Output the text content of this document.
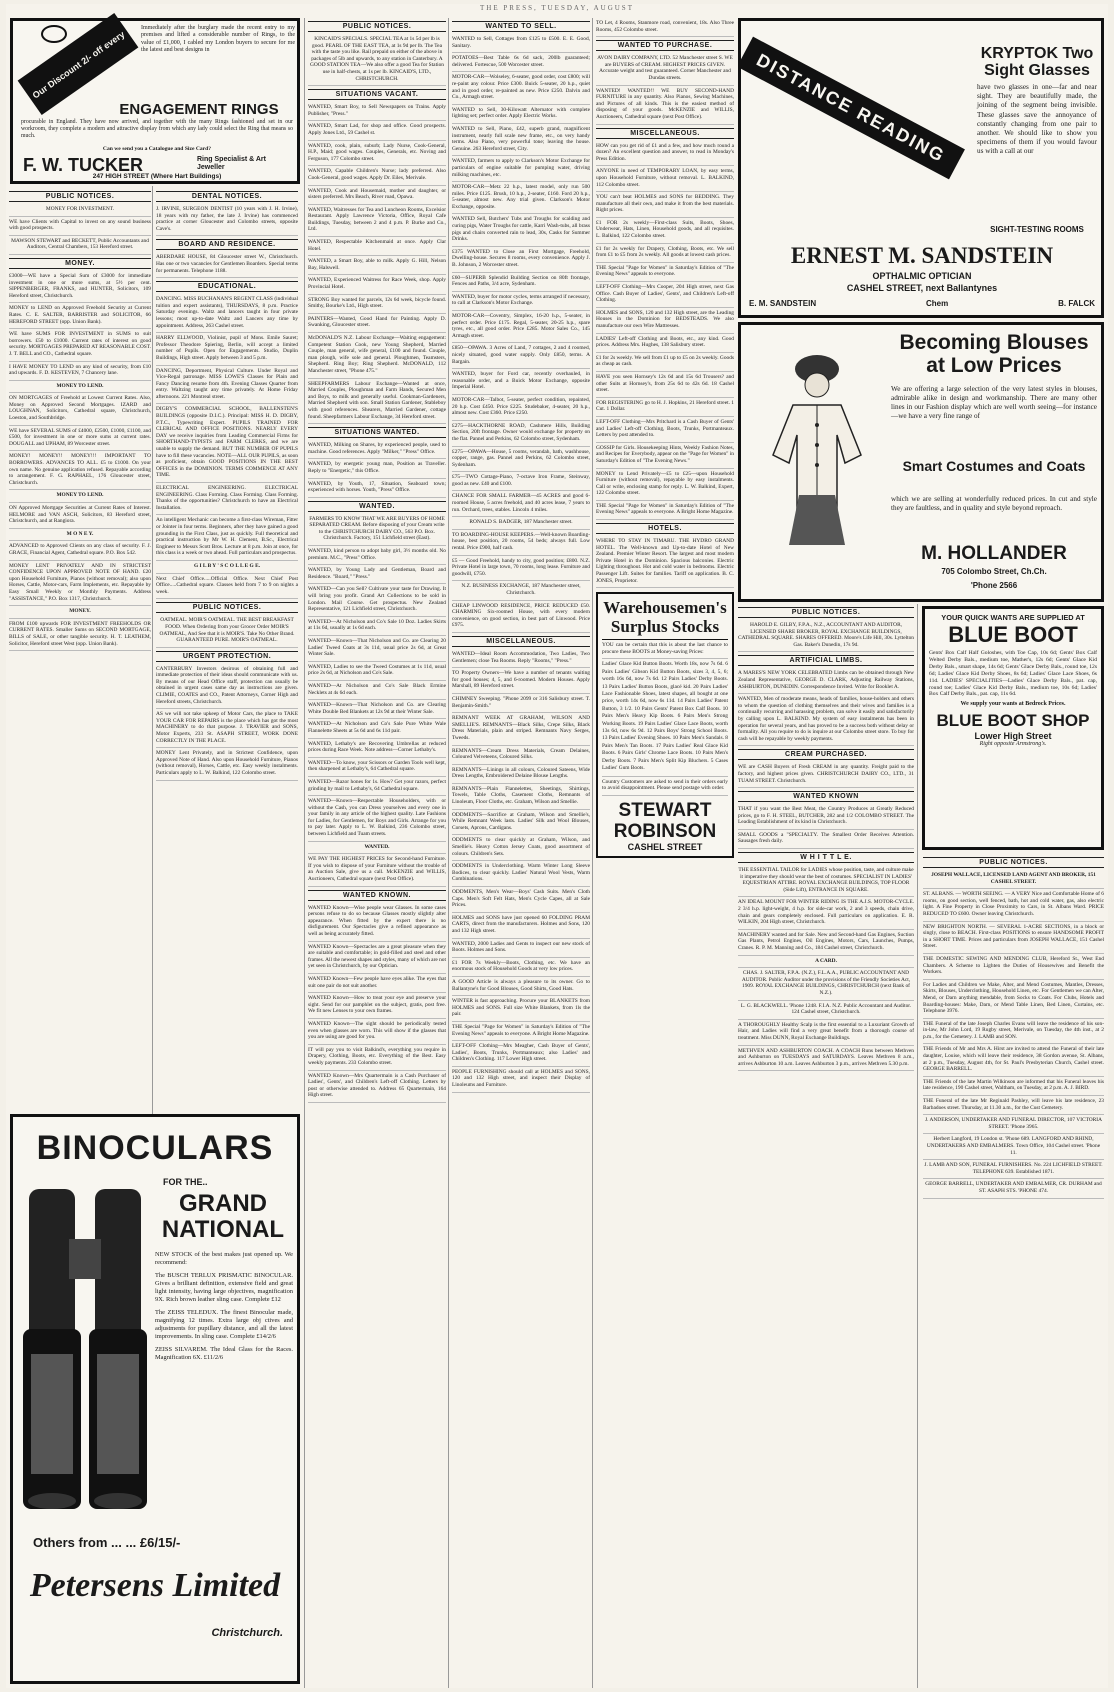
THE PRESS, TUESDAY, AUGUST
Our Discount 2/- off every £1
Immediately after the burglary made the recent entry to my premises and lifted a considerable number of Rings, to the value of £1,000, I cabled my London buyers to secure for me the latest and best designs in
ENGAGEMENT RINGS
procurable in England. They have now arrived, and together with the many Rings fashioned and set in our workroom, they complete a modern and attractive display from which any lady could select the Ring that means so much.
Can we send you a Catalogue and Size Card?
F. W. TUCKER	Ring Specialist & Art Jeweller
247 HIGH STREET (Where Hart Buildings)
PUBLIC NOTICES.

MONEY FOR INVESTMENT.

WE have Clients with Capital to invest on any sound business with good prospects.

MAWSON STEWART and BECKETT, Public Accountants and Auditors, Central Chambers, 153 Hereford street.

MONEY.

£3000—WE have a Special Sum of £3000 for immediate investment in one or more sums, at 5½ per cent. SIPPENBERGER, FRANKS, and HUNTER, Solicitors, 109 Hereford street, Christchurch.

MONEY to LEND on Approved Freehold Security at Current Rates. C. E. SALTER, BARRISTER and SOLICITOR, 66 HEREFORD STREET (opp. Union Bank).

WE have SUMS FOR INVESTMENT in SUMS to suit borrowers. £50 to £1000. Current rates of interest on good security. MORTGAGES PREPARED AT REASONABLE COST. J. T. BELL and CO., Cathedral square.

I HAVE MONEY TO LEND on any kind of security, from £10 and upwards. F. D. KESTEVEN, 7 Chancery lane.

MONEY TO LEND.

ON MORTGAGES of Freehold at Lowest Current Rates. Also, Money on Approved Second Mortgages. IZARD and LOUGHNAN, Solicitors, Cathedral square, Christchurch, Loeston, and Southbridge.

WE have SEVERAL SUMS of £4000, £2500, £1000, £1100, and £500, for investment in one or more sums at current rates. DOUGALL and UPHAM, 89 Worcester street.

MONEY! MONEY!! MONEY!!! IMPORTANT TO BORROWERS. ADVANCES TO ALL. £5 to £1000. On your own name. No genuine application refused. Repayable according to arrangement. F. G. RAPHAEL, 176 Gloucester street, Christchurch.

MONEY TO LEND.

ON Approved Mortgage Securities at Current Rates of Interest. HELMORE and VAN ASCH, Solicitors, 83 Hereford street, Christchurch, and at Rangiora.

M O N E Y.

ADVANCED to Approved Clients on any class of security. F. J. GRACE, Financial Agent, Cathedral square. P.O. Box 542.

MONEY LENT PRIVATELY AND IN STRICTEST CONFIDENCE UPON APPROVED NOTE OF HAND. £20 upon Household Furniture, Pianos (without removal); also upon Horses, Cattle, Motor-cars, Farm Implements, etc. Repayable by Easy Small Weekly or Monthly Payments. Address "ASSISTANCE," P.O. Box 1317, Christchurch.

MONEY.

FROM £100 upwards FOR INVESTMENT FREEHOLDS OR CURRENT RATES. Smaller Sums on SECOND MORTGAGE, BILLS of SALE, or other tangible security. H. T. LEATHEM, Solicitor, Hereford street West (opp. Union Bank).

DENTAL NOTICES.

J. IRVINE, SURGEON DENTIST (10 years with J. H. Irvine), 18 years with my father, the late J. Irvine) has commenced practice at corner Gloucester and Colombo streets, opposite Cave's.

BOARD AND RESIDENCE.

ABERDARE HOUSE, 84 Gloucester street W., Christchurch. Has one or two vacancies for Gentlemen Boarders. Special terms for permanents. Telephone 1188.

EDUCATIONAL.

DANCING. MISS BUCHANAN'S REGENT CLASS (individual tuition and expert assistants), THURSDAYS, 8 p.m. Practice Saturday evenings. Waltz and lancers taught in four private lessons; most up-to-date Waltz and Lancers any time by appointment. Address, 263 Cashel street.

HARRY ELLWOOD, Violinist, pupil of Mons. Emile Sauret; Professor Theodore Spiering, Berlin, will accept a limited number of Pupils. Open for Engagements. Studio, Duplin Buildings, High street. Apply between 3 and 5 p.m.

DANCING, Deportment, Physical Culture. Under Royal and Vice-Regal patronage. MISS LOWE'S Classes for Plain and Fancy Dancing resume from 4th. Evening Classes Quarter from entry. Waltzing taught any time privately. At Home Friday afternoons. 221 Montreal street.

DIGBY'S COMMERCIAL SCHOOL, BALLENSTEN'S BUILDINGS (opposite D.I.C.). Principal: MISS H. D. DIGBY, P.T.C., Typewriting Expert. PUPILS TRAINED FOR CLERICAL AND OFFICE POSITIONS. NEARLY EVERY DAY we receive inquiries from Leading Commercial Firms for SHORTHAND-TYPISTS and FARM CLERKS, and we are unable to supply the demand. BUT THE NUMBER OF PUPILS have to fill these vacancies. NOTE—ALL OUR PUPILS, as soon as proficient, obtain GOOD POSITIONS IN THE BEST OFFICES in the DOMINION. TERMS COMMENCE AT ANY TIME.

ELECTRICAL ENGINEERING. ELECTRICAL ENGINEERING. Class Forming. Class Forming. Class Forming. Thanks of the opportunities? Christchurch to have an Electrical Installation.

An intelligent Mechanic can become a first-class Wireman, Fitter or Jointer in four terms. Beginners, after they have gained a good grounding in the First Class, just as quickly. Full theoretical and practical instruction by Mr W. H. Clement, B.Sc., Electrical Engineer to Messrs Scott Bros. Lecture at 8 p.m. Join at once, for this class is a week or two ahead. Full particulars and prospectus.

G I L B Y ' S C O L L E G E.

Next Chief Office.....Official Office. Next Chief Post Office.....Cathedral square. Classes held from 7 to 9 on nights a week.

PUBLIC NOTICES.

OATMEAL. MOIR'S OATMEAL. THE BEST BREAKFAST FOOD. When Ordering from your Grocer Order MOIR'S OATMEAL, And See that it is MOIR'S. Take No Other Brand. GUARANTEED PURE. MOIR'S OATMEAL.

URGENT PROTECTION.

CANTERBURY Investors desirous of obtaining full and immediate protection of their ideas should communicate with us. By means of our Head Office staff, protection can usually be obtained in urgent cases same day as instructions are given. CLIMIE, COATES and CO., Patent Attorneys, Corner High and Hereford streets, Christchurch.

AS we will not take upkeep of Motor Cars, the place to TAKE YOUR CAR FOR REPAIRS is the place which has got the most MACHINERY to do that purpose. J. TRAVIER and SONS, Motor Experts, 233 St. ASAPH STREET, WORK DONE CORRECTLY IN THE PLACE.

MONEY Lent Privately, and in Strictest Confidence, upon Approved Note of Hand. Also upon Household Furniture, Pianos (without removal), Horses, Cattle, etc. Easy weekly instalments. Particulars apply to L. W. Balkind, 122 Colombo street.

BINOCULARS
FOR THE..
GRAND NATIONAL

NEW STOCK of the best makes just opened up. We recommend:

The BUSCH TERLUX PRISMATIC BINOCULAR. Gives a brilliant definition, extensive field and great light intensity, having large objectives, magnification 9X. Rich brown leather sling case. Complete £12

The ZEISS TELEDUX. The finest Binocular made, magnifying 12 times. Extra large obj ctives and adjustments for pupillary distance, and all the latest improvements. In sling case. Complete £14/2/6

ZEISS SILVAREM. The Ideal Glass for the Races. Magnification 6X. £11/2/6

Others from ... ... £6/15/-
Petersens Limited
Christchurch.
PUBLIC NOTICES.

KINCAID'S SPECIALS. SPECIAL TEA at 1s 5d per lb is good. PEARL OF THE EAST TEA, at 1s 9d per lb. The Tea with the taste you like. Rail prepaid on either of the above in packages of 5lb and upwards, to any station in Canterbury. A GOOD STATION TEA—We also offer a good Tea for Station use in half-chests, at 1s per lb. KINCAID'S, LTD., CHRISTCHURCH.

SITUATIONS VACANT.

WANTED, Smart Boy, to Sell Newspapers on Trains. Apply Publisher, "Press."

WANTED, Smart Lad, for shop and office. Good prospects. Apply Jones Ltd., 59 Cashel st.

WANTED, cook, plain, suburb; Lady Nurse, Cook-General, H.P., Maid; good wages. Couples, Generals, etc. Noving and Ferguson, 177 Colombo street.

WANTED, Capable Children's Nurse; lady preferred. Also Cook-General, good wages. Apply Dr. Eiles, Merivale.

WANTED, Cook and Housemaid, mother and daughter, or sisters preferred. Mrs Beach, River road, Opawa.

WANTED, Waitresses for Tea and Luncheon Rooms, Excelsior Restaurant. Apply Lawrence Victoria, Office, Royal Cafe Buildings, Tuesday, between 2 and 4 p.m. P. Burke and Co., Ltd.

WANTED, Respectable Kitchenmaid at once. Apply Clar Hotel.

WANTED, a Smart Boy, able to milk. Apply G. Hill, Nelson Bay, Halswell.

WANTED, Experienced Waitress for Race Week, shop. Apply Provincial Hotel.

STRONG Boy wanted for parcels, 12s 6d week, bicycle found. Smithy, Bourke's Ltd., High street.

PAINTERS—Wanted, Good Hand for Painting. Apply D. Swanking, Gloucester street.

McDONALD'S N.Z. Labour Exchange—Waiting engagement: Competent Station Cook, new Young Shepherd, Married Couple, man general, wife general, £100 and found. Couple, man plough, wife sole and general. Ploughmen, Teamsters, Shepherd. Ring Boy; Ring Shepherd. McDONALD, 112 Manchester street, "Phone 475."

SHEEPFARMERS Labour Exchange—Wanted at once, Married Couples, Ploughman and Farm Hands, Secured Men and Boys, to milk and generally useful. Cookman-Gardeners, Married Shepherd with son. Small Station Gardener, Stableboy with good references. Shearers, Married Gardener, cottage found. Sheepfarmers Labour Exchange, 34 Hereford street.

SITUATIONS WANTED.

WANTED, Milking on Shares, by experienced people, used to machine. Good references. Apply "Milker," "Press" Office.

WANTED, by energetic young man, Position as Traveller. Reply to "Energetic," this Office.

WANTED, by Youth, 17, Situation, Seaboard town; experienced with horses. Youth, "Press" Office.

WANTED.

FARMERS TO KNOW THAT WE ARE BUYERS OF HOME SEPARATED CREAM. Before disposing of your Cream write to the CHRISTCHURCH DAIRY CO., 563 P.O. Box. Christchurch. Factory, 151 Lichfield street (East).

WANTED, kind person to adopt baby girl, 3½ months old. No premium. M.C., "Press" Office.

WANTED, by Young Lady and Gentleman, Board and Residence. "Board," "Press."

WANTED—Can you Sell? Cultivate your taste for Drawing. It will bring you profit. Grand Art Collections to be sold in London. Mail Course. Get prospectus. New Zealand Representative, 121 Lichfield street, Christchurch.

WANTED—At Nicholson and Co's Sale 10 Doz. Ladies Skirts at 11s 6d, usually at 1s 6d each.

WANTED—Known—That Nicholson and Co. are Clearing 20 Ladies' Tweed Coats at 3s 11d, usual price 2s 6d, at Great Winter Sale.

WANTED, Ladies to see the Tweed Costumes at 1s 11d, usual price 2s 6d, at Nicholson and Co's Sale.

WANTED—At Nicholson and Co's Sale Black Ermine Necklets at 4s 6d each.

WANTED—Known—That Nicholson and Co. are Clearing White Double Bed Blankets at 12s 9d at their Winter Sale.

WANTED—At Nicholson and Co's Sale Pure White Wale Flannelette Sheets at 5s 6d and 6s 11d pair.

WANTED, Lethaby's are Recovering Umbrellas at reduced prices during Race Week. Note address—Corner Lethaby's.

WANTED—To know, your Scissors or Garden Tools well kept, then sharpened at Lethaby's, 64 Cathedral square.

WANTED—Razor hones for 1s. How? Get your razors, perfect grinding by mail to Lethaby's, 64 Cathedral square.

WANTED—Known—Respectable Householders, with or without the Cash, you can Dress yourselves and every one in your family in any article of the highest quality. Late Fashions for Ladies, for Gentlemen, for Boys and Girls. Arrange for you to pay later. Apply to L. W. Balkind, 236 Colombo street, between Lichfield and Tuam streets.

WANTED.

WE PAY THE HIGHEST PRICES for Second-hand Furniture. If you wish to dispose of your Furniture without the trouble of an Auction Sale, give us a call. McKENZIE and WILLIS, Auctioneers, Cathedral square (next Post Office).

WANTED KNOWN.

WANTED Known—Wise people wear Glasses. In some cases persons refuse to do so because Glasses mostly slightly alter appearance. When fitted by the expert there is no disfigurement. Our Spectacles give a refined appearance as well as being accurately fitted.

WANTED Known—Spectacles are a great pleasure when they are suitable and comfortable; in gold-filled and steel and other frames. All the newest shapes and styles, many of which are not yet seen in Christchurch, by our Optician.

WANTED Known—Few people have eyes alike. The eyes that suit one pair do not suit another.

WANTED Known—How to treat your eye and preserve your sight. Send for our pamphlet on the subject, gratis, post free. We fit new Lenses to your own frames.

WANTED Known—The sight should be periodically tested even when glasses are worn. This will show if the glasses that you are using are good for you.

IT will pay you to visit Balkind's, everything you require in Drapery, Clothing, Boots, etc. Everything of the Best. Easy weekly payments. 233 Colombo street.

WANTED Known—Mrs Quartermain is a Cash Purchaser of Ladies', Gents', and Children's Left-off Clothing. Letters by post or otherwise attended to. Address 65 Quartermain, 164 High street.

WANTED TO SELL.

WANTED to Sell, Cottages from £125 to £500. E. E. Good, Sanitary.

POTATOES—Best Table 6s 6d sack, 200lb guaranteed; delivered. Fortescue, 500 Worcester street.

MOTOR-CAR—Wolseley, 6-seater, good order, cost £800; will re-paint any colour. Price £300. Buick 5-seater, 20 h.p., quiet and in good order, re-painted as new. Price £250. Dalvin and Co., Armagh street.

WANTED to Sell, 30-Kilowatt Alternator with complete lighting set; perfect order. Apply Electric Works.

WANTED to Sell, Piano, £42, superb grand, magnificent instrument, nearly full scale new frame, etc., on very handy terms. Also Piano, very powerful tone; leaving the house. Genuine. 263 Hereford street, City.

WANTED, farmers to apply to Clarkson's Motor Exchange for particulars of engine suitable for pumping water, driving milking machines, etc.

MOTOR-CAR—Metz 22 h.p., latest model, only run 500 miles. Price £125. Brush, 10 h.p., 2-seater, £160. Ford 20 h.p., 5-seater, almost new. Any trial given. Clarkson's Motor Exchange, opposite.

WANTED Sell, Butchers' Tubs and Troughs for scalding and curing pigs, Water Troughs for cattle, Karri Wash-tubs, all brass pigs and chairs converted rain to lead, 30s, Casks for Summer Drinks.

£375 WANTED to Close an First Mortgage, Freehold, Dwelling-house. Secures 8 rooms, every convenience. Apply J. B. Johnson, 2 Worcester street.

£60—SUPERB Splendid Building Section on 80ft frontage, Fences and Paths, 3/4 acre, Sydenham.

WANTED, buyer for motor cycles, terms arranged if necessary, to call at Clarkson's Motor Exchange.

MOTOR-CAR—Coventry, Simplex, 16-20 h.p., 5-seater, in perfect order. Price £175. Regal, 5-seater, 20-25 h.p., spare tyres, etc., all good order. Price £285. Motor Sales Co., 145 Armagh street.

£850—OPAWA. 3 Acres of Land, 7 cottages, 2 and 4 roomed, nicely situated, good water supply. Only £850, terms. A Bargain.

WANTED, buyer for Ford car, recently overhauled, in reasonable order, and a Buick Motor Exchange, opposite Imperial Hotel.

MOTOR-CAR—Talbot, 5-seater, perfect condition, repainted, 20 h.p. Cost £450. Price £225. Studebaker, 4-seater, 20 h.p., almost new. Cost £360. Price £250.

£275—HACKTHORNE ROAD, Cashmere Hills, Building Section, 20ft frontage. Owner would exchange for property on the flat. Pannel and Perkins, 62 Colombo street, Sydenham.

£275—OPAWA—House, 5 rooms, verandah, bath, washhouse, copper, range, gas. Pannel and Perkins, 62 Colombo street, Sydenham.

£75—TWO Cottage-Piano, 7-octave Iron Frame, Steinway, good as new. £40 and £100.

CHANCE FOR SMALL FARMER—45 ACRES and good 6-roomed House, 5 acres freehold, and 40 acres lease, 7 years to run. Orchard, trees, stables. Lincoln 4 miles.

RONALD S. BADGER, 187 Manchester street.

TO BOARDING-HOUSE KEEPERS.—Well-known Boarding-house, best position, 20 rooms, 54 beds; always full. Low rental. Price £900, half cash.

£5 — Good Freehold, handy to city, good position; £800. N.Z. Private Hotel in large town, 70 rooms, long lease. Furniture and goodwill, £750.

N.Z. BUSINESS EXCHANGE, 187 Manchester street, Christchurch.

CHEAP LINWOOD RESIDENCE, PRICE REDUCED £50. CHARMING Six-roomed House, with every modern convenience, on good section, in best part of Linwood. Price £975.

MISCELLANEOUS.

WANTED—Ideal Room Accommodation, Two Ladies, Two Gentlemen; close Tea Rooms. Reply "Rooms," "Press."

TO Property Owners—We have a number of tenants waiting for good houses; 4, 5, and 6-roomed. Modern Houses. Apply Marshall, 89 Hereford street.

CHIMNEY Sweeping. "Phone 2099 or 316 Salisbury street. T. Benjamin-Smith."

REMNANT WEEK AT GRAHAM, WILSON AND SMELLIE'S. REMNANTS—Black Silks, Crepe Silks, Black Dress Materials, plain and striped. Remnants Navy Serges, Tweeds.

REMNANTS—Cream Dress Materials, Cream Delaines, Coloured Velveteens, Coloured Silks.

REMNANTS—Linings in all colours, Coloured Sateens, Wide Dress Lengths, Embroidered Delaine Blouse Lengths.

REMNANTS—Plain Flannelettes, Sheetings, Shirtings, Towels, Table Cloths, Casement Cloths, Remnants of Linoleum, Floor Cloths, etc. Graham, Wilson and Smellie.

ODDMENTS—Sacrifice at Graham, Wilson and Smellie's, While Remnant Week lasts. Ladies' Silk and Wool Blouses, Corsets, Aprons, Cardigans.

ODDMENTS to clear quickly at Graham, Wilson, and Smellie's. Heavy Cotton Jersey Coats, good assortment of colours. Children's Sets.

ODDMENTS in Underclothing. Warm Winter Long Sleeve Bodices, to clear quickly. Ladies' Natural Wool Vests, Warm Combinations.

ODDMENTS, Men's Wear—Boys' Cash Suits. Men's Cloth Caps. Men's Soft Felt Hats, Men's Cycle Capes, all at Sale Prices.

HOLMES and SONS have just opened 60 FOLDING PRAM CARTS, direct from the manufacturers. Holmes and Sons, 120 and 132 High street.

WANTED, 2000 Ladies and Gents to inspect our new stock of Boots. Holmes and Sons.

£1 FOR 7s Weekly—Boots, Clothing, etc. We have an enormous stock of Household Goods at very low prices.

A GOOD Article is always a pleasure to its owner. Go to Ballantyne's for Good Blouses, Good Shirts, Good Hats.

WINTER is fast approaching. Procure your BLANKETS from HOLMES and SONS. Full size White Blankets, from 1ls the pair.

THE Special "Page for Women" in Saturday's Edition of "The Evening News" appeals to everyone. A Bright Home Magazine.

LEFT-OFF Clothing—Mrs Meagher, Cash Buyer of Gents', Ladies', Boots, Trunks, Portmanteaux; also Ladies' and Children's Clothing. 117 Lower High street.

PEOPLE FURNISHING should call at HOLMES and SONS, 120 and 132 High street, and inspect their Display of Linoleums and Furniture.

TO Let, 4 Rooms, Stanmore road, convenient, 18s. Also Three Rooms, 452 Colombo street.

WANTED TO PURCHASE.

AVON DAIRY COMPANY, LTD. 52 Manchester street S. WE are BUYERS of CREAM. HIGHEST PRICES GIVEN. Accurate weight and test guaranteed. Corner Manchester and Dundas streets.

WANTED! WANTED!! WE BUY SECOND-HAND FURNITURE in any quantity. Also Pianos, Sewing Machines, and Pictures of all kinds. This is the easiest method of disposing of your goods. McKENZIE and WILLIS, Auctioneers, Cathedral square (next Post Office).

MISCELLANEOUS.

HOW can you get rid of £1 and a few, and how much round a dozen? An excellent question and answer, to read in Monday's Press Edition.

ANYONE in need of TEMPORARY LOAN, by easy terms, upon Household Furniture, without removal. L. BALKIND, 112 Colombo street.

YOU can't beat HOLMES and SONS for BEDDING. They manufacture all their own, and make it from the best materials. Right prices.

£1 FOR 2s weekly—First-class Suits, Boots, Shoes, Underwear, Hats, Linen, Household goods, and all requisites. L. Balkind, 122 Colombo street.

£1 for 2s weekly for Drapery, Clothing, Boots, etc. We sell from £1 to £5 from 2s weekly. All goods at lowest cash prices.

THE Special "Page for Women" in Saturday's Edition of "The Evening News" appeals to everyone.

LEFT-OFF Clothing—Mrs Cooper, 204 High street, next Gas Office. Cash Buyer of Ladies', Gents', and Children's Left-off Clothing.

HOLMES and SONS, 120 and 132 High street, are the Leading Houses in the Dominion for BEDSTEADS. We also manufacture our own Wire Mattresses.

LADIES' Left-off Clothing and Boots, etc., any kind. Good prices. Address Mrs. Hughes, 138 Salisbury street.

£1 for 2s weekly. We sell from £1 up to £5 on 2s weekly. Goods as cheap as cash.

HAVE you seen Hornsey's 12s 6d and 15s 6d Trousers? and other Suits at Hornsey's, from 25s 6d to 42s 6d. 18 Cashel street.

FOR REGISTERING go to H. J. Hopkins, 21 Hereford street. 1 Cut. 1 Dollar.

LEFT-OFF Clothing—Mrs Pritchard is a Cash Buyer of Gents' and Ladies' Left-off Clothing, Boots, Trunks, Portmanteaux. Letters by post attended to.

GOSSIP for Girls. Housekeeping Hints, Weekly Fashion Notes, and Recipes for Everybody, appear on the "Page for Women" in Saturday's Edition of "The Evening News."

MONEY to Lend Privately—£5 to £25—upon Household Furniture (without removal), repayable by easy instalments. Call or write, enclosing stamp for reply. L. W. Balkind, Expert, 122 Colombo street.

THE Special "Page for Women" in Saturday's Edition of "The Evening News" appeals to everyone. A Bright Home Magazine.

HOTELS.

WHERE TO STAY IN TIMARU. THE HYDRO GRAND HOTEL. The Well-known and Up-to-date Hotel of New Zealand. Premier Winter Resort. The largest and most modern Private Hotel in the Dominion. Spacious balconies. Electric Lighting throughout. Hot and cold water in bedrooms. Electric Passenger Lift. Suites for families. Tariff on application. B. C. JONES, Proprietor.

Warehousemen's Surplus Stocks

YOU can be certain that this is about the last chance to procure these BOOTS at Money-saving Prices:

Ladies' Glace Kid Button Boots. Worth 18s, now 7s 6d. 6 Pairs Ladies' Gibson Kid Button Boots, sizes 3, 4, 5, 6; worth 16s 6d, now 7s 6d. 12 Pairs Ladies' Derby Boots. 13 Pairs Ladies' Button Boots, glacé kid. 20 Pairs Ladies' Lace Fashionable Shoes, latest shapes, all bought at one price, worth 14s 6d, now 6s 11d. 14 Pairs Ladies' Patent Button, 3 1/2. 10 Pairs Gents' Patent Box Calf Boots. 10 Pairs Men's Heavy Kip Boots. 6 Pairs Men's Strong Working Boots. 19 Pairs Ladies' Glace Lace Boots, worth 13s 6d, now 6s 9d. 12 Pairs Boys' Strong School Boots. 13 Pairs Ladies' Evening Shoes. 10 Pairs Men's Sandals. 8 Pairs Men's Tan Boots. 17 Pairs Ladies' Real Glace Kid Boots. 6 Pairs Girls' Chrome Lace Boots. 10 Pairs Men's Derby Boots. 7 Pairs Men's Split Kip Bluchers. 5 Cases Ladies' Gum Boots.

Country Customers are asked to send in their orders early to avoid disappointment. Please send postage with order.

STEWART ROBINSON
CASHEL STREET
DISTANCE READING	KRYPTOK Two Sight Glasses
have two glasses in one—far and near sight. They are beautifully made, the joining of the segment being invisible. These glasses save the annoyance of constantly changing from one pair to another. We should like to show you specimens of them if you would favour us with a call at our
SIGHT-TESTING ROOMS
ERNEST M. SANDSTEIN
OPTHALMIC OPTICIAN
CASHEL STREET, next Ballantynes
E. M. SANDSTEIN	Chem	B. FALCK
Becoming Blouses at Low Prices
We are offering a large selection of the very latest styles in blouses, admirable alike in design and workmanship. There are many other lines in our Fashion display which are well worth seeing—for instance—we have a very fine range of
Smart Costumes and Coats
which we are selling at wonderfully reduced prices. In cut and style they are faultless, and in quality and style beyond reproach.
M. HOLLANDER
705 Colombo Street, Ch.Ch.
'Phone 2566
PUBLIC NOTICES.

HAROLD E. GILBY, F.P.A., N.Z., ACCOUNTANT AND AUDITOR, LICENSED SHARE BROKER, ROYAL EXCHANGE BUILDINGS, CATHEDRAL SQUARE. SHARES OFFERED. Moore's Life Hill, 30s. Lyttelton Gas. Baker's Dunedin, 17s 9d.

ARTIFICIAL LIMBS.

A MARES'S NEW YORK CELEBRATED Limbs can be obtained through New Zealand Representative, GEORGE D. CLARK, Adjusting Railway Stations, ASHBURTON, DUNEDIN. Correspondence Invited. Write for Booklet A.

WANTED, Men of moderate means, heads of families, house-holders and others to whom the question of clothing themselves and their wives and families is a continually recurring and harassing problem, can solve it easily and satisfactorily by calling upon L. BALKIND. My system of easy instalments has been in operation for several years, and has proved to be a success both without delay or formality. All you require to do is inquire at our Colombo street store. To buy for cash will be repayable by weekly payments.

CREAM PURCHASED.

WE are CASH Buyers of Fresh CREAM in any quantity. Freight paid to the factory, and highest prices given. CHRISTCHURCH DAIRY CO., LTD., 31 TUAM STREET. Christchurch.

WANTED KNOWN

THAT if you want the Best Meat, the Country Produces at Greatly Reduced prices, go to F. H. STEEL, BUTCHER, 282 and 1/2 COLOMBO STREET. The Leading Establishment of its kind in Christchurch.

SMALL GOODS a "SPECIALTY. The Smallest Order Receives Attention. Sausages fresh daily.

W H I T T L E.

THE ESSENTIAL TAILOR for LADIES whose position, taste, and culture make it imperative they should wear the best of costumes. SPECIALIST IN LADIES' EQUESTRIAN ATTIRE. ROYAL EXCHANGE BUILDINGS, TOP FLOOR (Side Lift), ENTRANCE IN SQUARE.

AN IDEAL MOUNT FOR WINTER RIDING IS THE A.J.S. MOTOR-CYCLE. 2 3/4 h.p. light-weight, 4 h.p. for side-car work, 2 and 3 speeds, chain drive, chain and gears completely enclosed. Full particulars on application. E. R. WILKIN, 204 High street, Christchurch.

MACHINERY wanted and for Sale. New and Second-hand Gas Engines, Suction Gas Plants, Petrol Engines, Oil Engines, Motors, Cars, Launches, Pumps, Cranes. R. P. M. Manning and Co., 184 Cashel street, Christchurch.

A CARD.

CHAS. J. SALTER, F.P.A. (N.Z.), F.L.A.A., PUBLIC ACCOUNTANT AND AUDITOR. Public Auditor under the provisions of the Friendly Societies Act, 1909. ROYAL EXCHANGE BUILDINGS, CHRISTCHURCH (next Bank of N.Z.).

L. G. BLACKWELL. 'Phone 1248. F.I.A. N.Z. Public Accountant and Auditor. 124 Cashel street, Christchurch.

A THOROUGHLY Healthy Scalp is the first essential to a Luxuriant Growth of Hair, and Ladies will find a very great benefit from a thorough course of treatment. Miss DUNN, Royal Exchange Buildings.

METHVEN AND ASHBURTON COACH. A COACH Runs between Methven and Ashburton on TUESDAYS and SATURDAYS. Leaves Methven 8 a.m., arrives Ashburton 10 a.m. Leaves Ashburton 3 p.m., arrives Methven 5.30 p.m.

YOUR QUICK WANTS ARE SUPPLIED AT
BLUE BOOT
Gents' Box Calf Half Goloshes, with Toe Cap, 10s 6d; Gents' Box Calf Welted Derby Bals., medium toe, Mather's, 12s 6d; Gents' Glace Kid Derby Bals., smart shape, 14s 6d; Gents' Glace Derby Bals., round toe, 12s 6d; Ladies' Glace Kid Derby Shoes, 8s 6d; Ladies' Glace Lace Shoes, 6s 11d. LADIES' SPECIALITIES—Ladies' Glace Derby Bals., pat. cap, round toe; Ladies' Glace Kid Derby Bals., medium toe, 10s 6d; Ladies' Box Calf Derby Bals., pat. cap, 11s 6d.
We supply your wants at Bedrock Prices.
BLUE BOOT SHOP
Lower High Street
Right opposite Armstrong's.
PUBLIC NOTICES.

JOSEPH WALLACE, LICENSED LAND AGENT AND BROKER, 151 CASHEL STREET.

ST. ALBANS. — WORTH SEEING. — A VERY Nice and Comfortable Home of 6 rooms, on good section, well fenced, bath, hot and cold water, gas, also electric light. A Fine Property in Close Proximity to Cars, in St. Albans Ward. PRICE REDUCED TO £600. Owner leaving Christchurch.

NEW BRIGHTON NORTH. — SEVERAL 1-ACRE SECTIONS, in a block or singly, close to BEACH. First-class POSITIONS to ensure HANDSOME PROFIT in a SHORT TIME. Prices and particulars from JOSEPH WALLACE, 151 Cashel Street.

THE DOMESTIC SEWING AND MENDING CLUB, Hereford St., West End Chambers. A Scheme to Lighten the Duties of Housewives and Benefit the Workers.

For Ladies and Children we Make, Alter, and Mend Costumes, Mantles, Dresses, Skirts, Blouses, Underclothing, Household Linen, etc. For Gentlemen we can Alter, Mend, or Darn anything mendable, from Socks to Coats. For Clubs, Hotels and Boarding-houses: Make, Darn, or Mend Table Linen, Bed Linen, Curtains, etc. Telephone 3976.

THE Funeral of the late Joseph Charles Evans will leave the residence of his son-in-law, Mr John Lord, 19 Rugby street, Merivale, on Tuesday, the 4th inst., at 2 p.m., for the Cemetery. J. LAMB and SON.

THE Friends of Mr and Mrs A. Hirst are invited to attend the Funeral of their late daughter, Louise, which will leave their residence, 38 Gordon avenue, St. Albans, at 2 p.m., Tuesday, August 4th, for St. Paul's Presbyterian Church, Cashel street. GEORGE BARRELL.

THE Friends of the late Martin Wilkinson are informed that his Funeral leaves his late residence, 190 Cashel street, Waltham, on Tuesday, at 2 p.m. A. J. BIRD.

THE Funeral of the late Mr Reginald Pashley, will leave his late residence, 23 Barbadoes street. Thursday, at 11.30 a.m., for the Cust Cemetery.

J. ANDERSON, UNDERTAKER AND FUNERAL DIRECTOR, 107 VICTORIA STREET. 'Phone 3965.

Herbert Langford, 19 London st. 'Phone 689. LANGFORD AND RHIND, UNDERTAKERS AND EMBALMERS. Town Office, 104 Cashel street. 'Phone 11.

J. LAMB AND SON, FUNERAL FURNISHERS. No. 224 LICHFIELD STREET. TELEPHONE 639. Established 1871.

GEORGE BARRELL, UNDERTAKER AND EMBALMER, CR. DURHAM and ST. ASAPH STS. 'PHONE 474.
